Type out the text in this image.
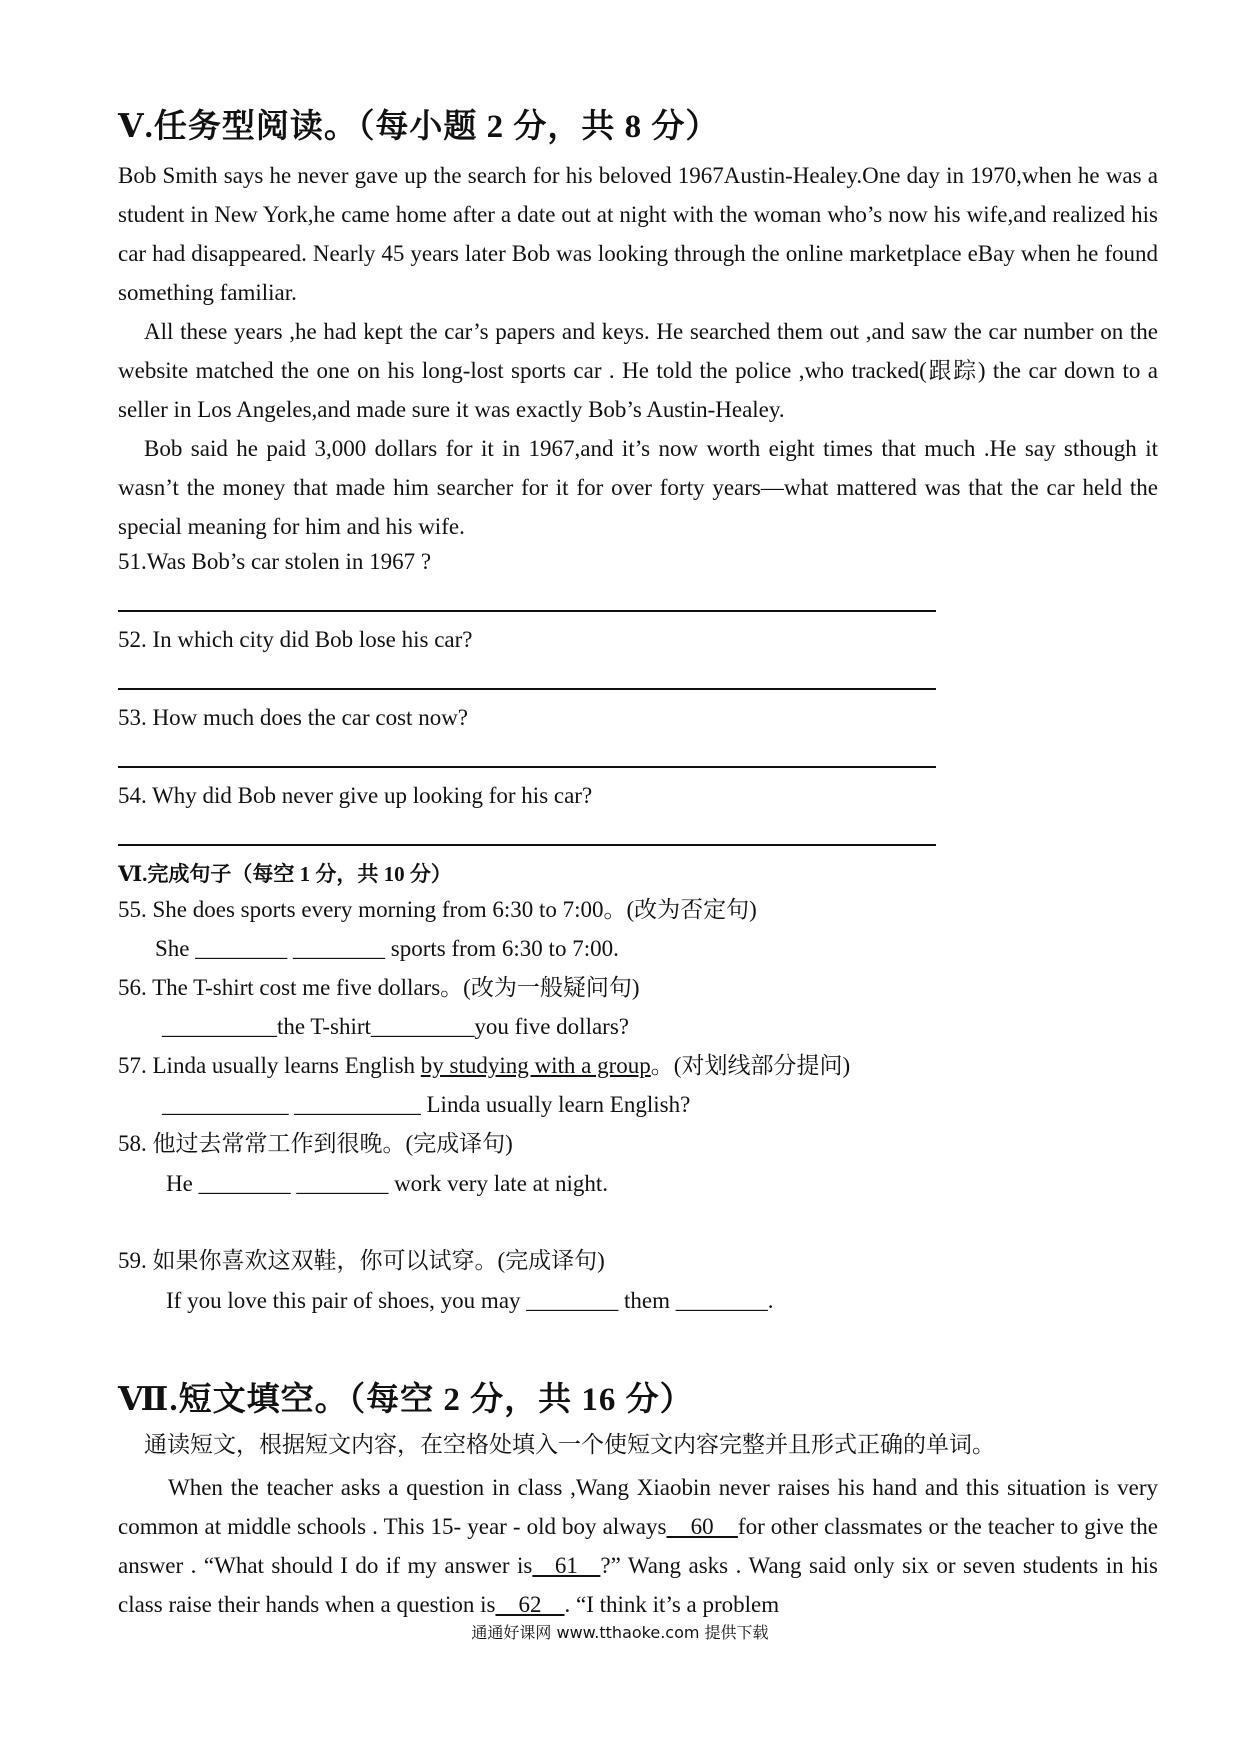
Ⅴ.任务型阅读。（每小题 2 分，共 8 分）
Bob Smith says he never gave up the search for his beloved 1967Austin-Healey.One day in 1970,when he was a student in New York,he came home after a date out at night with the woman who’s now his wife,and realized his car had disappeared. Nearly 45 years later Bob was looking through the online marketplace eBay when he found something familiar.
All these years ,he had kept the car’s papers and keys. He searched them out ,and saw the car number on the website matched the one on his long-lost sports car . He told the police ,who tracked(跟踪) the car down to a seller in Los Angeles,and made sure it was exactly Bob’s Austin-Healey.
Bob said he paid 3,000 dollars for it in 1967,and it’s now worth eight times that much .He say sthough it wasn’t the money that made him searcher for it for over forty years—what mattered was that the car held the special meaning for him and his wife.
51.Was Bob’s car stolen in 1967 ?
52. In which city did Bob lose his car?
53. How much does the car cost now?
54. Why did Bob never give up looking for his car?
Ⅵ.完成句子（每空 1 分，共 10 分）
55. She does sports every morning from 6:30 to 7:00。(改为否定句)
She ________ ________ sports from 6:30 to 7:00.
56. The T-shirt cost me five dollars。(改为一般疑问句)
__________the T-shirt_________you five dollars?
57. Linda usually learns English by studying with a group。(对划线部分提问)
___________ ___________ Linda usually learn English?
58. 他过去常常工作到很晚。(完成译句)
He ________ ________ work very late at night.
59. 如果你喜欢这双鞋，你可以试穿。(完成译句)
If you love this pair of shoes, you may ________ them ________.
Ⅶ.短文填空。（每空 2 分，共 16 分）
通读短文，根据短文内容，在空格处填入一个使短文内容完整并且形式正确的单词。
When the teacher asks a question in class ,Wang Xiaobin never raises his hand and this situation is very common at middle schools . This 15- year - old boy always    60    for other classmates or the teacher to give the answer . “What should I do if my answer is   61   ?” Wang asks . Wang said only six or seven students in his class raise their hands when a question is    62    . “I think it’s a problem
通通好课网 www.tthaoke.com 提供下载
